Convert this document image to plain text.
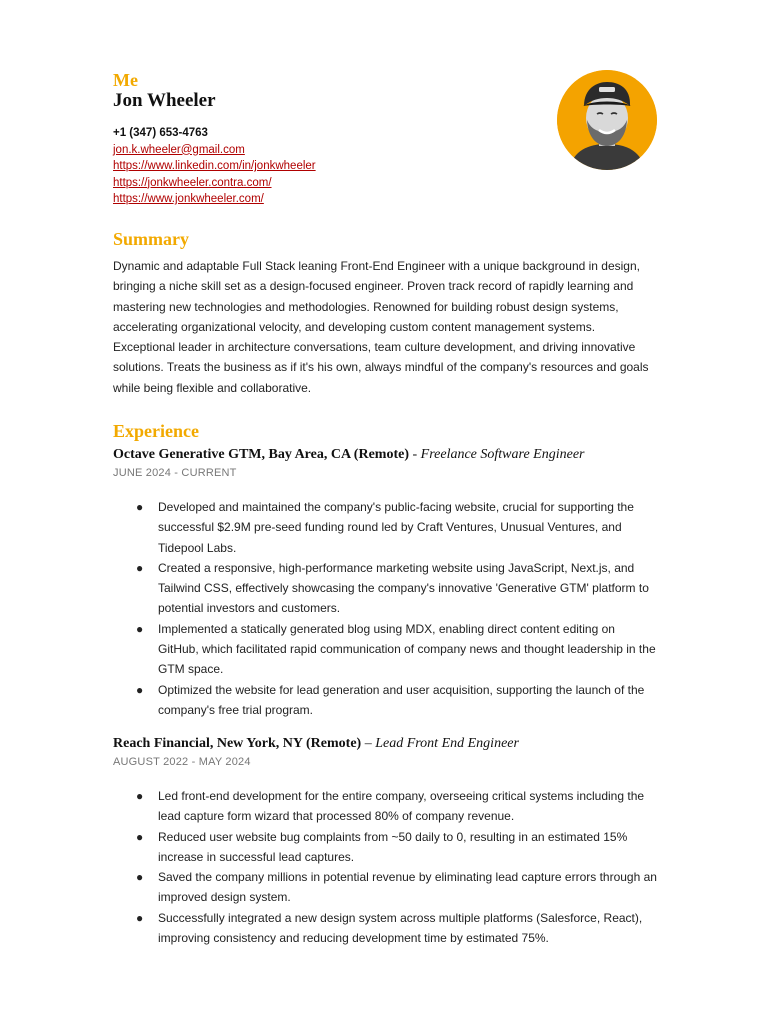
Me
Jon Wheeler
+1 (347) 653-4763
jon.k.wheeler@gmail.com
https://www.linkedin.com/in/jonkwheeler
https://jonkwheeler.contra.com/
https://www.jonkwheeler.com/
Summary
Dynamic and adaptable Full Stack leaning Front-End Engineer with a unique background in design, bringing a niche skill set as a design-focused engineer. Proven track record of rapidly learning and mastering new technologies and methodologies. Renowned for building robust design systems, accelerating organizational velocity, and developing custom content management systems. Exceptional leader in architecture conversations, team culture development, and driving innovative solutions. Treats the business as if it's his own, always mindful of the company's resources and goals while being flexible and collaborative.
Experience
Octave Generative GTM, Bay Area, CA (Remote) - Freelance Software Engineer
JUNE 2024 - CURRENT
● Developed and maintained the company's public-facing website, crucial for supporting the successful $2.9M pre-seed funding round led by Craft Ventures, Unusual Ventures, and Tidepool Labs.
● Created a responsive, high-performance marketing website using JavaScript, Next.js, and Tailwind CSS, effectively showcasing the company's innovative 'Generative GTM' platform to potential investors and customers.
● Implemented a statically generated blog using MDX, enabling direct content editing on GitHub, which facilitated rapid communication of company news and thought leadership in the GTM space.
● Optimized the website for lead generation and user acquisition, supporting the launch of the company's free trial program.
Reach Financial, New York, NY (Remote) – Lead Front End Engineer
AUGUST 2022 - MAY 2024
● Led front-end development for the entire company, overseeing critical systems including the lead capture form wizard that processed 80% of company revenue.
● Reduced user website bug complaints from ~50 daily to 0, resulting in an estimated 15% increase in successful lead captures.
● Saved the company millions in potential revenue by eliminating lead capture errors through an improved design system.
● Successfully integrated a new design system across multiple platforms (Salesforce, React), improving consistency and reducing development time by estimated 75%.
